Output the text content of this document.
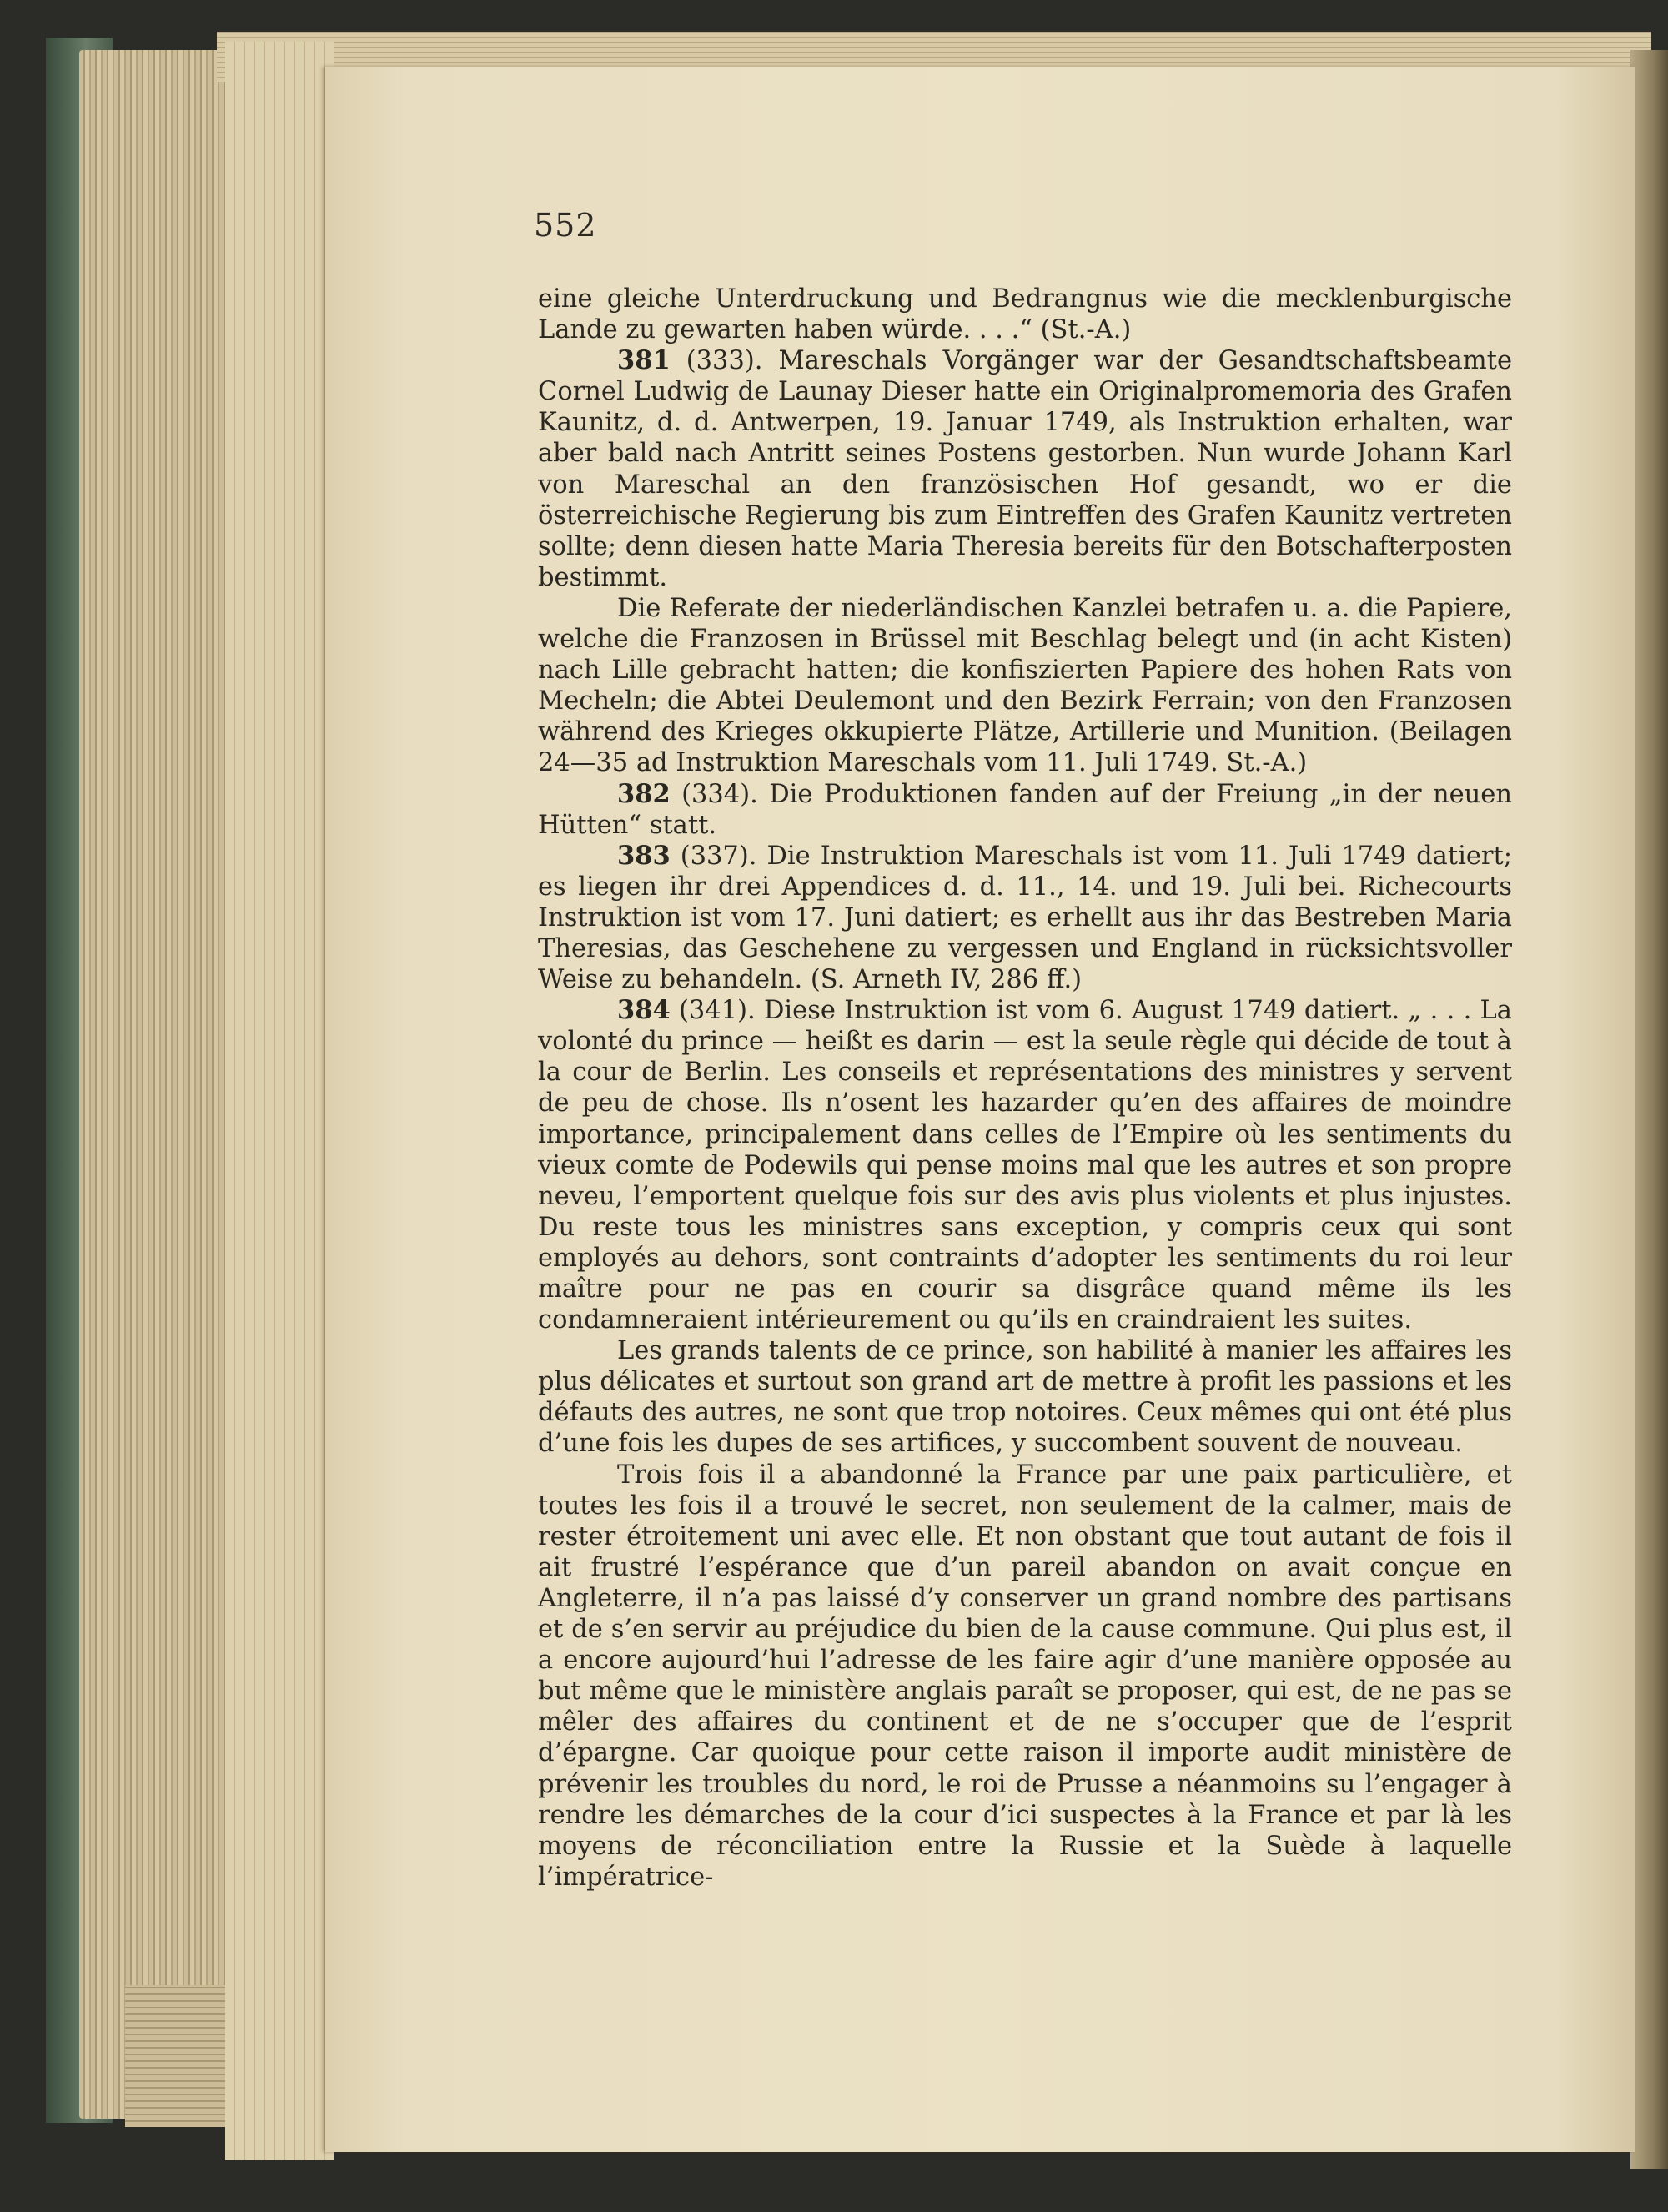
552

eine gleiche Unterdruckung und Bedrangnus wie die mecklenburgische Lande zu gewarten haben würde. . . .“ (St.-A.)

381 (333). Mareschals Vorgänger war der Gesandtschaftsbeamte Cornel Ludwig de Launay Dieser hatte ein Originalpromemoria des Grafen Kaunitz, d. d. Antwerpen, 19. Januar 1749, als Instruktion erhalten, war aber bald nach Antritt seines Postens gestorben. Nun wurde Johann Karl von Mareschal an den französischen Hof gesandt, wo er die österreichische Regierung bis zum Eintreffen des Grafen Kaunitz vertreten sollte; denn diesen hatte Maria Theresia bereits für den Botschafterposten bestimmt.

Die Referate der niederländischen Kanzlei betrafen u. a. die Papiere, welche die Franzosen in Brüssel mit Beschlag belegt und (in acht Kisten) nach Lille gebracht hatten; die konfiszierten Papiere des hohen Rats von Mecheln; die Abtei Deulemont und den Bezirk Ferrain; von den Franzosen während des Krieges okkupierte Plätze, Artillerie und Munition. (Beilagen 24—35 ad Instruktion Mareschals vom 11. Juli 1749. St.-A.)

382 (334). Die Produktionen fanden auf der Freiung „in der neuen Hütten“ statt.

383 (337). Die Instruktion Mareschals ist vom 11. Juli 1749 datiert; es liegen ihr drei Appendices d. d. 11., 14. und 19. Juli bei. Richecourts Instruktion ist vom 17. Juni datiert; es erhellt aus ihr das Bestreben Maria Theresias, das Geschehene zu vergessen und England in rücksichtsvoller Weise zu behandeln. (S. Arneth IV, 286 ff.)

384 (341). Diese Instruktion ist vom 6. August 1749 datiert. „ . . . La volonté du prince — heißt es darin — est la seule règle qui décide de tout à la cour de Berlin. Les conseils et représentations des ministres y servent de peu de chose. Ils n’osent les hazarder qu’en des affaires de moindre importance, principalement dans celles de l’Empire où les sentiments du vieux comte de Podewils qui pense moins mal que les autres et son propre neveu, l’emportent quelque fois sur des avis plus violents et plus injustes. Du reste tous les ministres sans exception, y compris ceux qui sont employés au dehors, sont contraints d’adopter les sentiments du roi leur maître pour ne pas en courir sa disgrâce quand même ils les condamneraient intérieurement ou qu’ils en craindraient les suites.

Les grands talents de ce prince, son habilité à manier les affaires les plus délicates et surtout son grand art de mettre à profit les passions et les défauts des autres, ne sont que trop notoires. Ceux mêmes qui ont été plus d’une fois les dupes de ses artifices, y succombent souvent de nouveau.

Trois fois il a abandonné la France par une paix particulière, et toutes les fois il a trouvé le secret, non seulement de la calmer, mais de rester étroitement uni avec elle. Et non obstant que tout autant de fois il ait frustré l’espérance que d’un pareil abandon on avait conçue en Angleterre, il n’a pas laissé d’y conserver un grand nombre des partisans et de s’en servir au préjudice du bien de la cause commune. Qui plus est, il a encore aujourd’hui l’adresse de les faire agir d’une manière opposée au but même que le ministère anglais paraît se proposer, qui est, de ne pas se mêler des affaires du continent et de ne s’occuper que de l’esprit d’épargne. Car quoique pour cette raison il importe audit ministère de prévenir les troubles du nord, le roi de Prusse a néanmoins su l’engager à rendre les démarches de la cour d’ici suspectes à la France et par là les moyens de réconciliation entre la Russie et la Suède à laquelle l’impératrice-
